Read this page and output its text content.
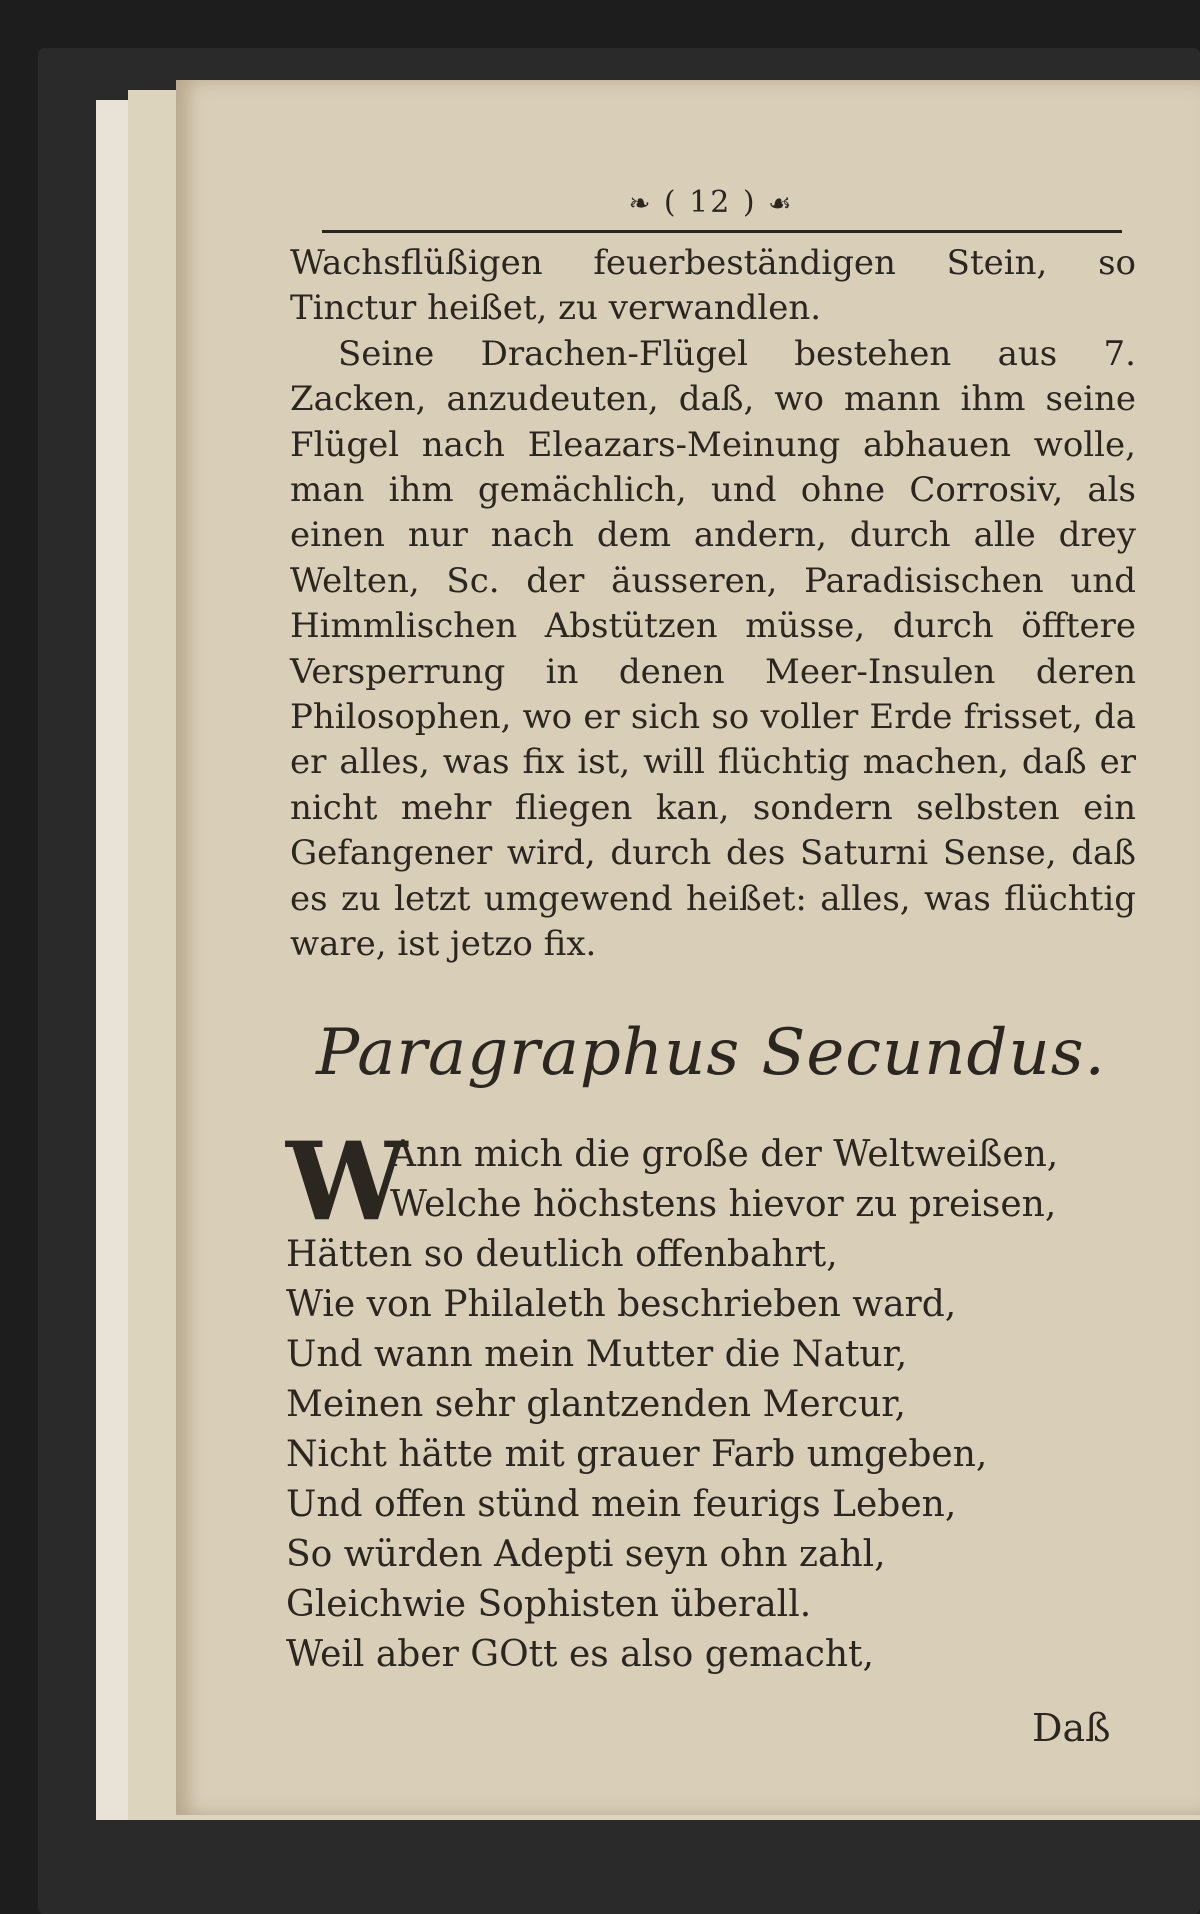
❧ ( 12 ) ☙

Wachsflüßigen feuerbeständigen Stein, so Tinctur heißet, zu verwandlen.

Seine Drachen-Flügel bestehen aus 7. Zacken, anzudeuten, daß, wo mann ihm seine Flügel nach Eleazars-Meinung abhauen wolle, man ihm gemächlich, und ohne Corrosiv, als einen nur nach dem andern, durch alle drey Welten, Sc. der äusseren, Paradisischen und Himmlischen Abstützen müsse, durch öfftere Versperrung in denen Meer-Insulen deren Philosophen, wo er sich so voller Erde frisset, da er alles, was fix ist, will flüchtig machen, daß er nicht mehr fliegen kan, sondern selbsten ein Gefangener wird, durch des Saturni Sense, daß es zu letzt umgewend heißet: alles, was flüchtig ware, ist jetzo fix.

Paragraphus Secundus.
W
Ann mich die große der Weltweißen,
Welche höchstens hievor zu preisen,
Hätten so deutlich offenbahrt,
Wie von Philaleth beschrieben ward,
Und wann mein Mutter die Natur,
Meinen sehr glantzenden Mercur,
Nicht hätte mit grauer Farb umgeben,
Und offen stünd mein feurigs Leben,
So würden Adepti seyn ohn zahl,
Gleichwie Sophisten überall.
Weil aber GOtt es also gemacht,
Daß
